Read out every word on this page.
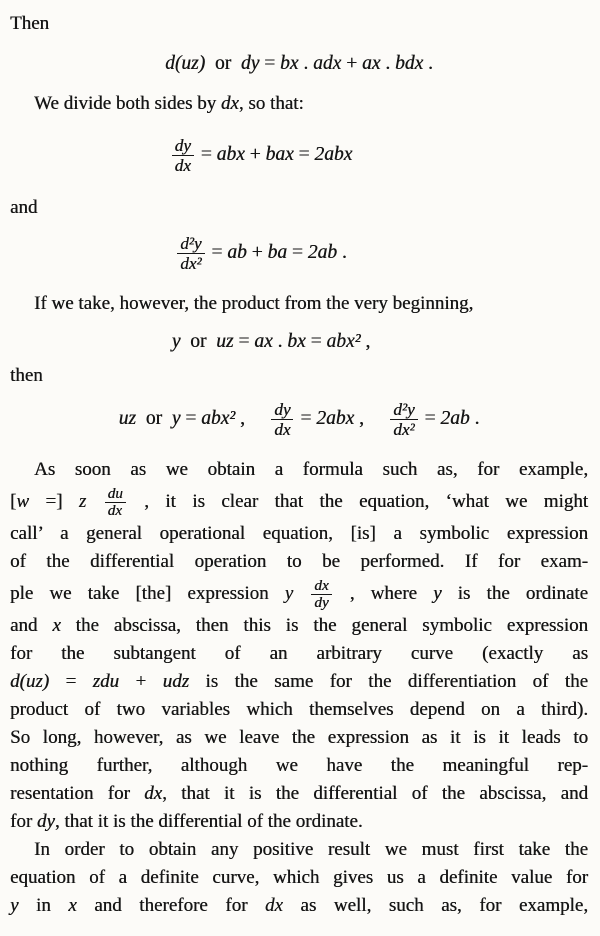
Then
d(uz)  or  dy = bx . adx + ax . bdx .
We divide both sides by dx, so that:
$\frac{dy}{dx}$ = abx + bax = 2abx
and
$\frac{\text{d²y}}{\text{dx²}}$ = ab + ba = 2ab .
If we take, however, the product from the very beginning,
y  or  uz = ax . bx = abx² ,
then
uz  or  y = abx² , $\frac{dy}{dx} = 2abx$ , $\frac{\text{d²y}}{\text{dx²}} = 2ab$ .
As soon as we obtain a formula such as, for example,
[w =] z $\frac{du}{dx}$ , it is clear that the equation, ‘what we might
call’ a general operational equation, [is] a symbolic expression
of the differential operation to be performed. If for exam-
ple we take [the] expression y $\frac{dx}{dy}$ , where y is the ordinate
and x the abscissa, then this is the general symbolic expression
for the subtangent of an arbitrary curve (exactly as
d(uz) = zdu + udz is the same for the differentiation of the
product of two variables which themselves depend on a third).
So long, however, as we leave the expression as it is it leads to
nothing further, although we have the meaningful rep-
resentation for dx, that it is the differential of the abscissa, and
for dy, that it is the differential of the ordinate.
In order to obtain any positive result we must first take the
equation of a definite curve, which gives us a definite value for
y in x and therefore for dx as well, such as, for example,
